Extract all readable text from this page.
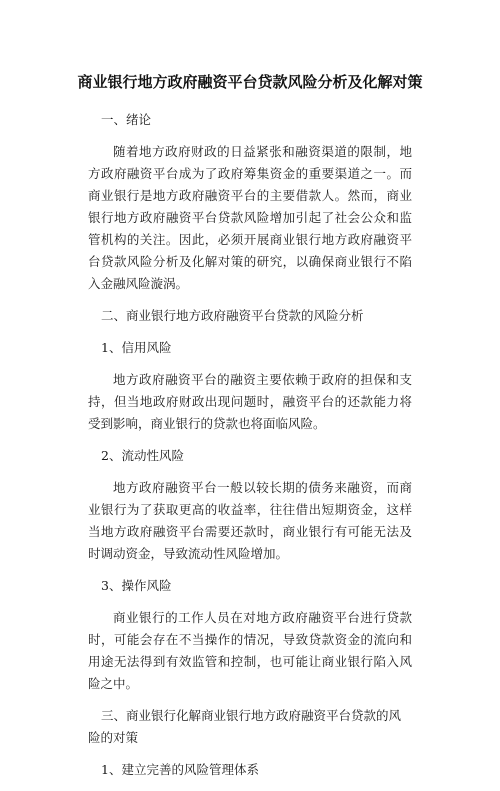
商业银行地方政府融资平台贷款风险分析及化解对策

一、绪论

随着地方政府财政的日益紧张和融资渠道的限制，地方政府融资平台成为了政府筹集资金的重要渠道之一。而商业银行是地方政府融资平台的主要借款人。然而，商业银行地方政府融资平台贷款风险增加引起了社会公众和监管机构的关注。因此，必须开展商业银行地方政府融资平台贷款风险分析及化解对策的研究，以确保商业银行不陷入金融风险漩涡。

二、商业银行地方政府融资平台贷款的风险分析

1、信用风险

地方政府融资平台的融资主要依赖于政府的担保和支持，但当地政府财政出现问题时，融资平台的还款能力将受到影响，商业银行的贷款也将面临风险。

2、流动性风险

地方政府融资平台一般以较长期的债务来融资，而商业银行为了获取更高的收益率，往往借出短期资金，这样当地方政府融资平台需要还款时，商业银行有可能无法及时调动资金，导致流动性风险增加。

3、操作风险

商业银行的工作人员在对地方政府融资平台进行贷款时，可能会存在不当操作的情况，导致贷款资金的流向和用途无法得到有效监管和控制，也可能让商业银行陷入风险之中。

三、商业银行化解商业银行地方政府融资平台贷款的风险的对策

1、建立完善的风险管理体系
